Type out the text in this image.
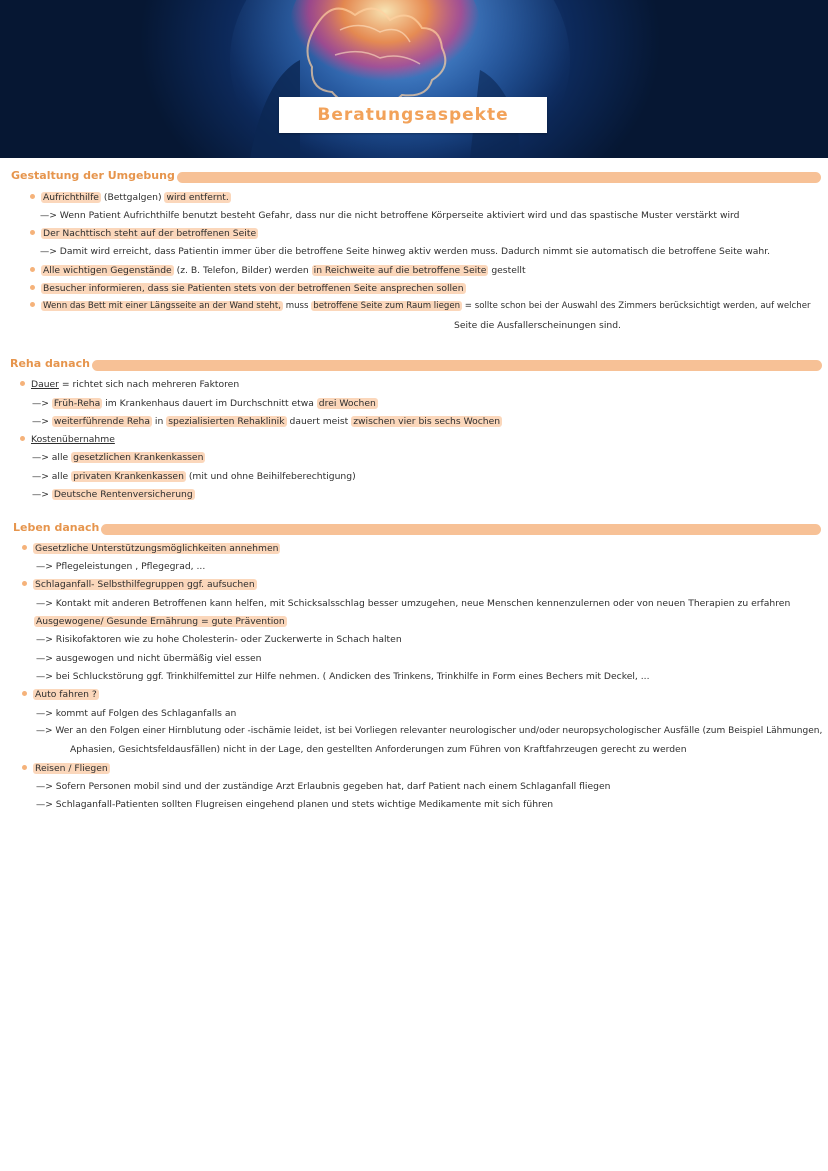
Beratungsaspekte
Gestaltung der Umgebung
Aufrichthilfe (Bettgalgen) wird entfernt.
—> Wenn Patient Aufrichthilfe benutzt besteht Gefahr, dass nur die nicht betroffene Körperseite aktiviert wird und das spastische Muster verstärkt wird
Der Nachttisch steht auf der betroffenen Seite
—> Damit wird erreicht, dass Patientin immer über die betroffene Seite hinweg aktiv werden muss. Dadurch nimmt sie automatisch die betroffene Seite wahr.
Alle wichtigen Gegenstände (z. B. Telefon, Bilder) werden in Reichweite auf die betroffene Seite gestellt
Besucher informieren, dass sie Patienten stets von der betroffenen Seite ansprechen sollen
Wenn das Bett mit einer Längsseite an der Wand steht, muss betroffene Seite zum Raum liegen = sollte schon bei der Auswahl des Zimmers berücksichtigt werden, auf welcher
Seite die Ausfallerscheinungen sind.
Reha danach
Dauer = richtet sich nach mehreren Faktoren
—> Früh-Reha im Krankenhaus dauert im Durchschnitt etwa drei Wochen
—> weiterführende Reha in spezialisierten Rehaklinik dauert meist zwischen vier bis sechs Wochen
Kostenübernahme
—> alle gesetzlichen Krankenkassen
—> alle privaten Krankenkassen (mit und ohne Beihilfeberechtigung)
—> Deutsche Rentenversicherung
Leben danach
Gesetzliche Unterstützungsmöglichkeiten annehmen
—> Pflegeleistungen , Pflegegrad, ...
Schlaganfall- Selbsthilfegruppen ggf. aufsuchen
—> Kontakt mit anderen Betroffenen kann helfen, mit Schicksalsschlag besser umzugehen, neue Menschen kennenzulernen oder von neuen Therapien zu erfahren
Ausgewogene/ Gesunde Ernährung = gute Prävention
—> Risikofaktoren wie zu hohe Cholesterin- oder Zuckerwerte in Schach halten
—> ausgewogen und nicht übermäßig viel essen
—> bei Schluckstörung ggf. Trinkhilfemittel zur Hilfe nehmen. ( Andicken des Trinkens, Trinkhilfe in Form eines Bechers mit Deckel, ...
Auto fahren ?
—> kommt auf Folgen des Schlaganfalls an
—> Wer an den Folgen einer Hirnblutung oder -ischämie leidet, ist bei Vorliegen relevanter neurologischer und/oder neuropsychologischer Ausfälle (zum Beispiel Lähmungen,
Aphasien, Gesichtsfeldausfällen) nicht in der Lage, den gestellten Anforderungen zum Führen von Kraftfahrzeugen gerecht zu werden
Reisen / Fliegen
—> Sofern Personen mobil sind und der zuständige Arzt Erlaubnis gegeben hat, darf Patient nach einem Schlaganfall fliegen
—> Schlaganfall-Patienten sollten Flugreisen eingehend planen und stets wichtige Medikamente mit sich führen
